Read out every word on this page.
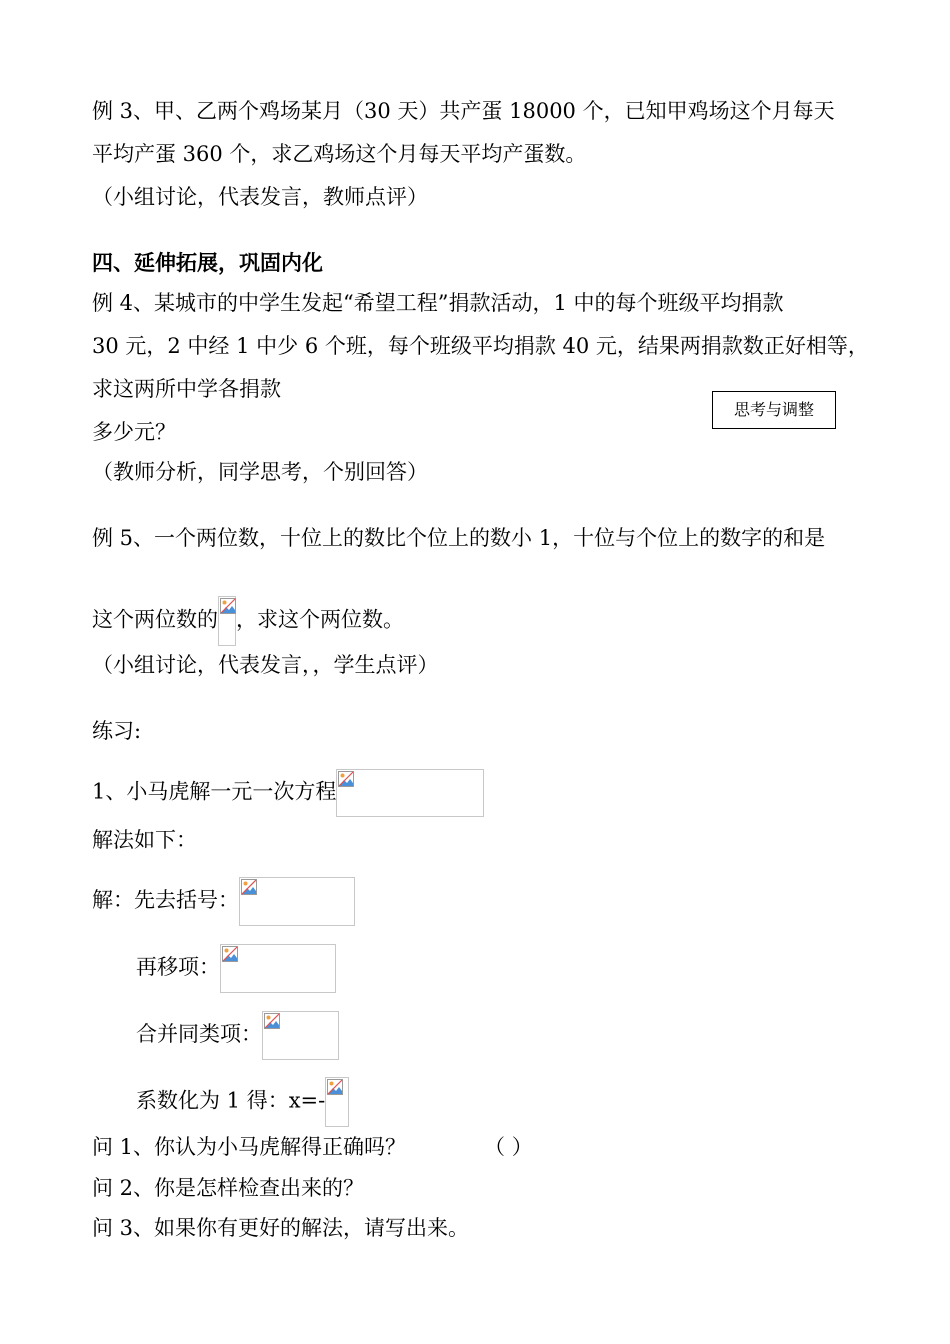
例 3、甲、乙两个鸡场某月（30 天）共产蛋 18000 个，已知甲鸡场这个月每天
平均产蛋 360 个，求乙鸡场这个月每天平均产蛋数。
（小组讨论，代表发言，教师点评）
四、延伸拓展，巩固内化
例 4、某城市的中学生发起“希望工程”捐款活动，1 中的每个班级平均捐款
30 元，2 中经 1 中少 6 个班，每个班级平均捐款 40 元，结果两捐款数正好相等，
求这两所中学各捐款
思考与调整
多少元？
（教师分析，同学思考，个别回答）
例 5、一个两位数，十位上的数比个位上的数小 1，十位与个位上的数字的和是
这个两位数的 ，求这个两位数。
（小组讨论，代表发言，，学生点评）
练习:
1、小马虎解一元一次方程
解法如下：
解：先去括号：
再移项：
合并同类项：
系数化为 1 得：x=-
问 1、你认为小马虎解得正确吗？	（ ）
问 2、你是怎样检查出来的？
问 3、如果你有更好的解法，请写出来。
